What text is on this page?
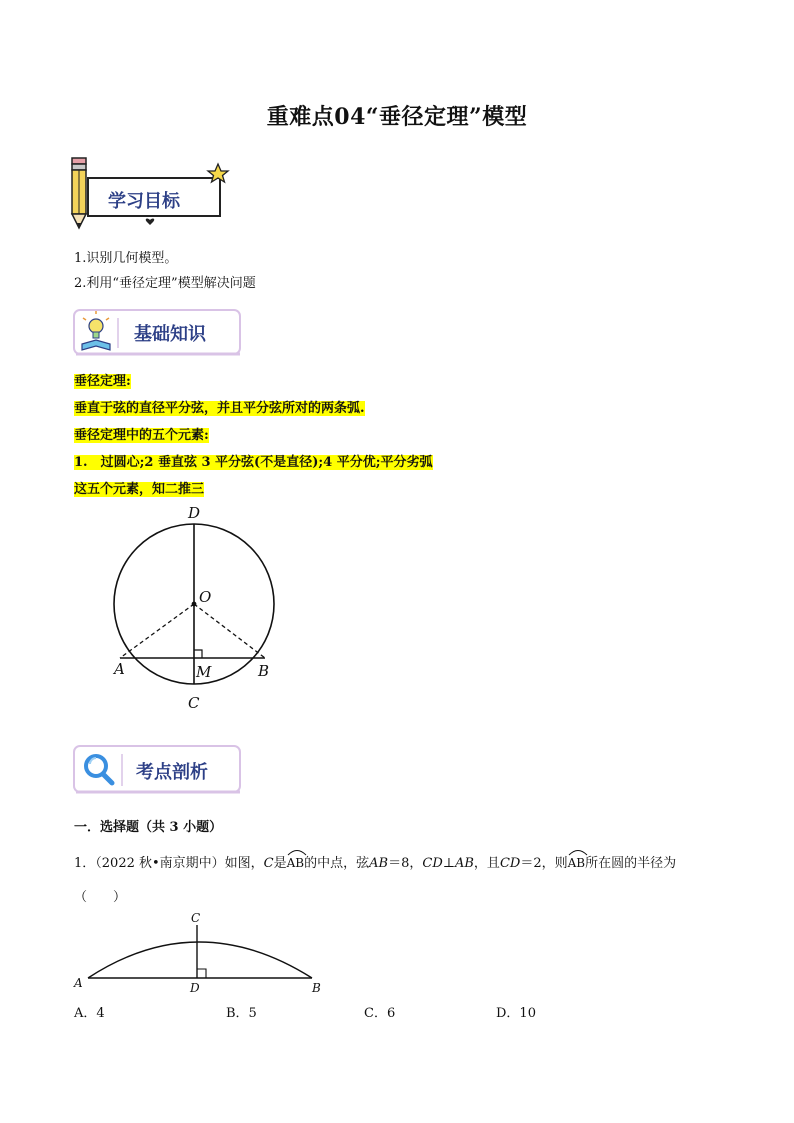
重难点04“垂径定理”模型
学习目标
1.识别几何模型。
2.利用“垂径定理”模型解决问题
基础知识
垂径定理:
垂直于弦的直径平分弦，并且平分弦所对的两条弧.
垂径定理中的五个元素:
1.　过圆心;2 垂直弦 3 平分弦(不是直径);4 平分优;平分劣弧
这五个元素，知二推三
D
O
A	M	B
C
考点剖析
一．选择题（共 3 小题）
1．（2022 秋•南京期中）如图，C是
AB的中点，弦AB＝8，CD⊥AB，且CD＝2，则
AB所在圆的半径为
（　　）
C
A	D	B
A．4	B．5	C．6	D．10
